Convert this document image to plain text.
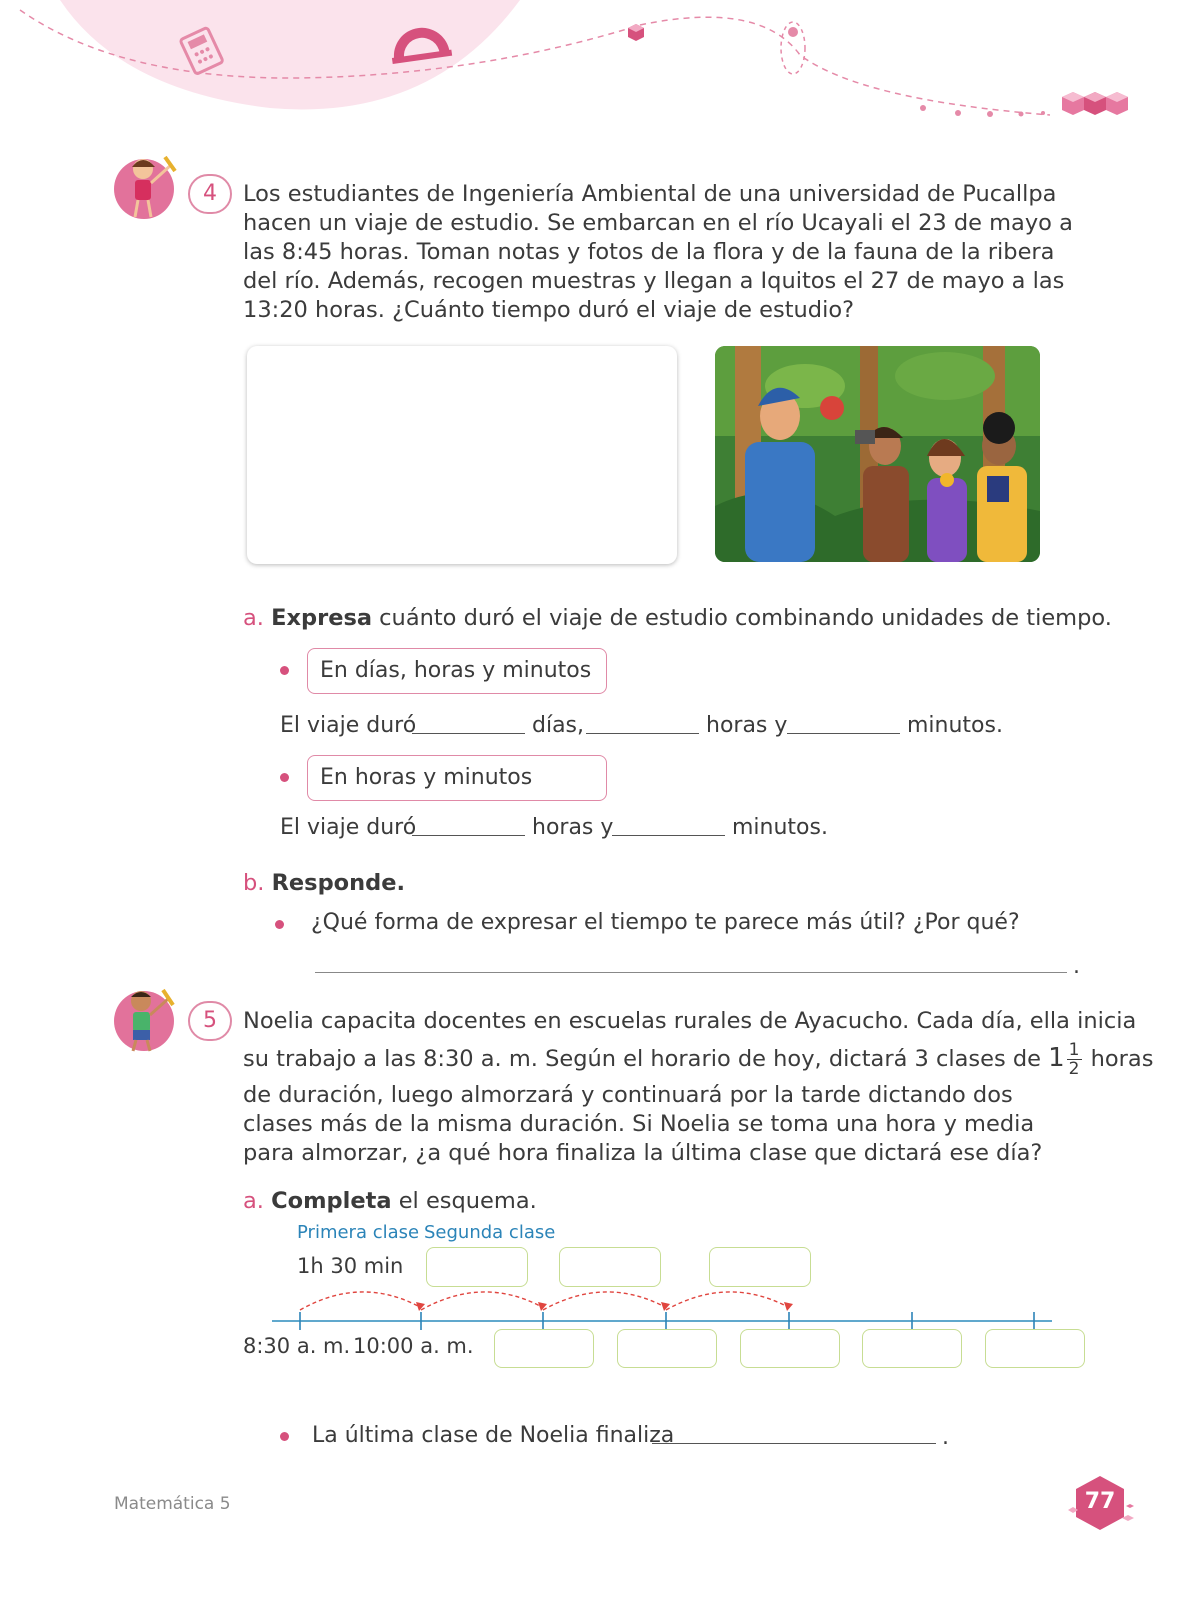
4	Los estudiantes de Ingeniería Ambiental de una universidad de Pucallpa hacen un viaje de estudio. Se embarcan en el río Ucayali el 23 de mayo a las 8:45 horas. Toman notas y fotos de la flora y de la fauna de la ribera del río. Además, recogen muestras y llegan a Iquitos el 27 de mayo a las 13:20 horas. ¿Cuánto tiempo duró el viaje de estudio?
a. Expresa cuánto duró el viaje de estudio combinando unidades de tiempo.
En días, horas y minutos
El viaje duró	días,	horas y	minutos.
En horas y minutos
El viaje duró	horas y	minutos.
b. Responde.
¿Qué forma de expresar el tiempo te parece más útil? ¿Por qué?
.
5	Noelia capacita docentes en escuelas rurales de Ayacucho. Cada día, ella inicia
su trabajo a las 8:30 a. m. Según el horario de hoy, dictará 3 clases de $1 \frac{1}{2}$ horas
de duración, luego almorzará y continuará por la tarde dictando dos clases más de la misma duración. Si Noelia se toma una hora y media para almorzar, ¿a qué hora finaliza la última clase que dictará ese día?
a. Completa el esquema.
Primera clase Segunda clase
1h 30 min
8:30 a. m. 10:00 a. m.
La última clase de Noelia finaliza	.
Matemática 5	77
